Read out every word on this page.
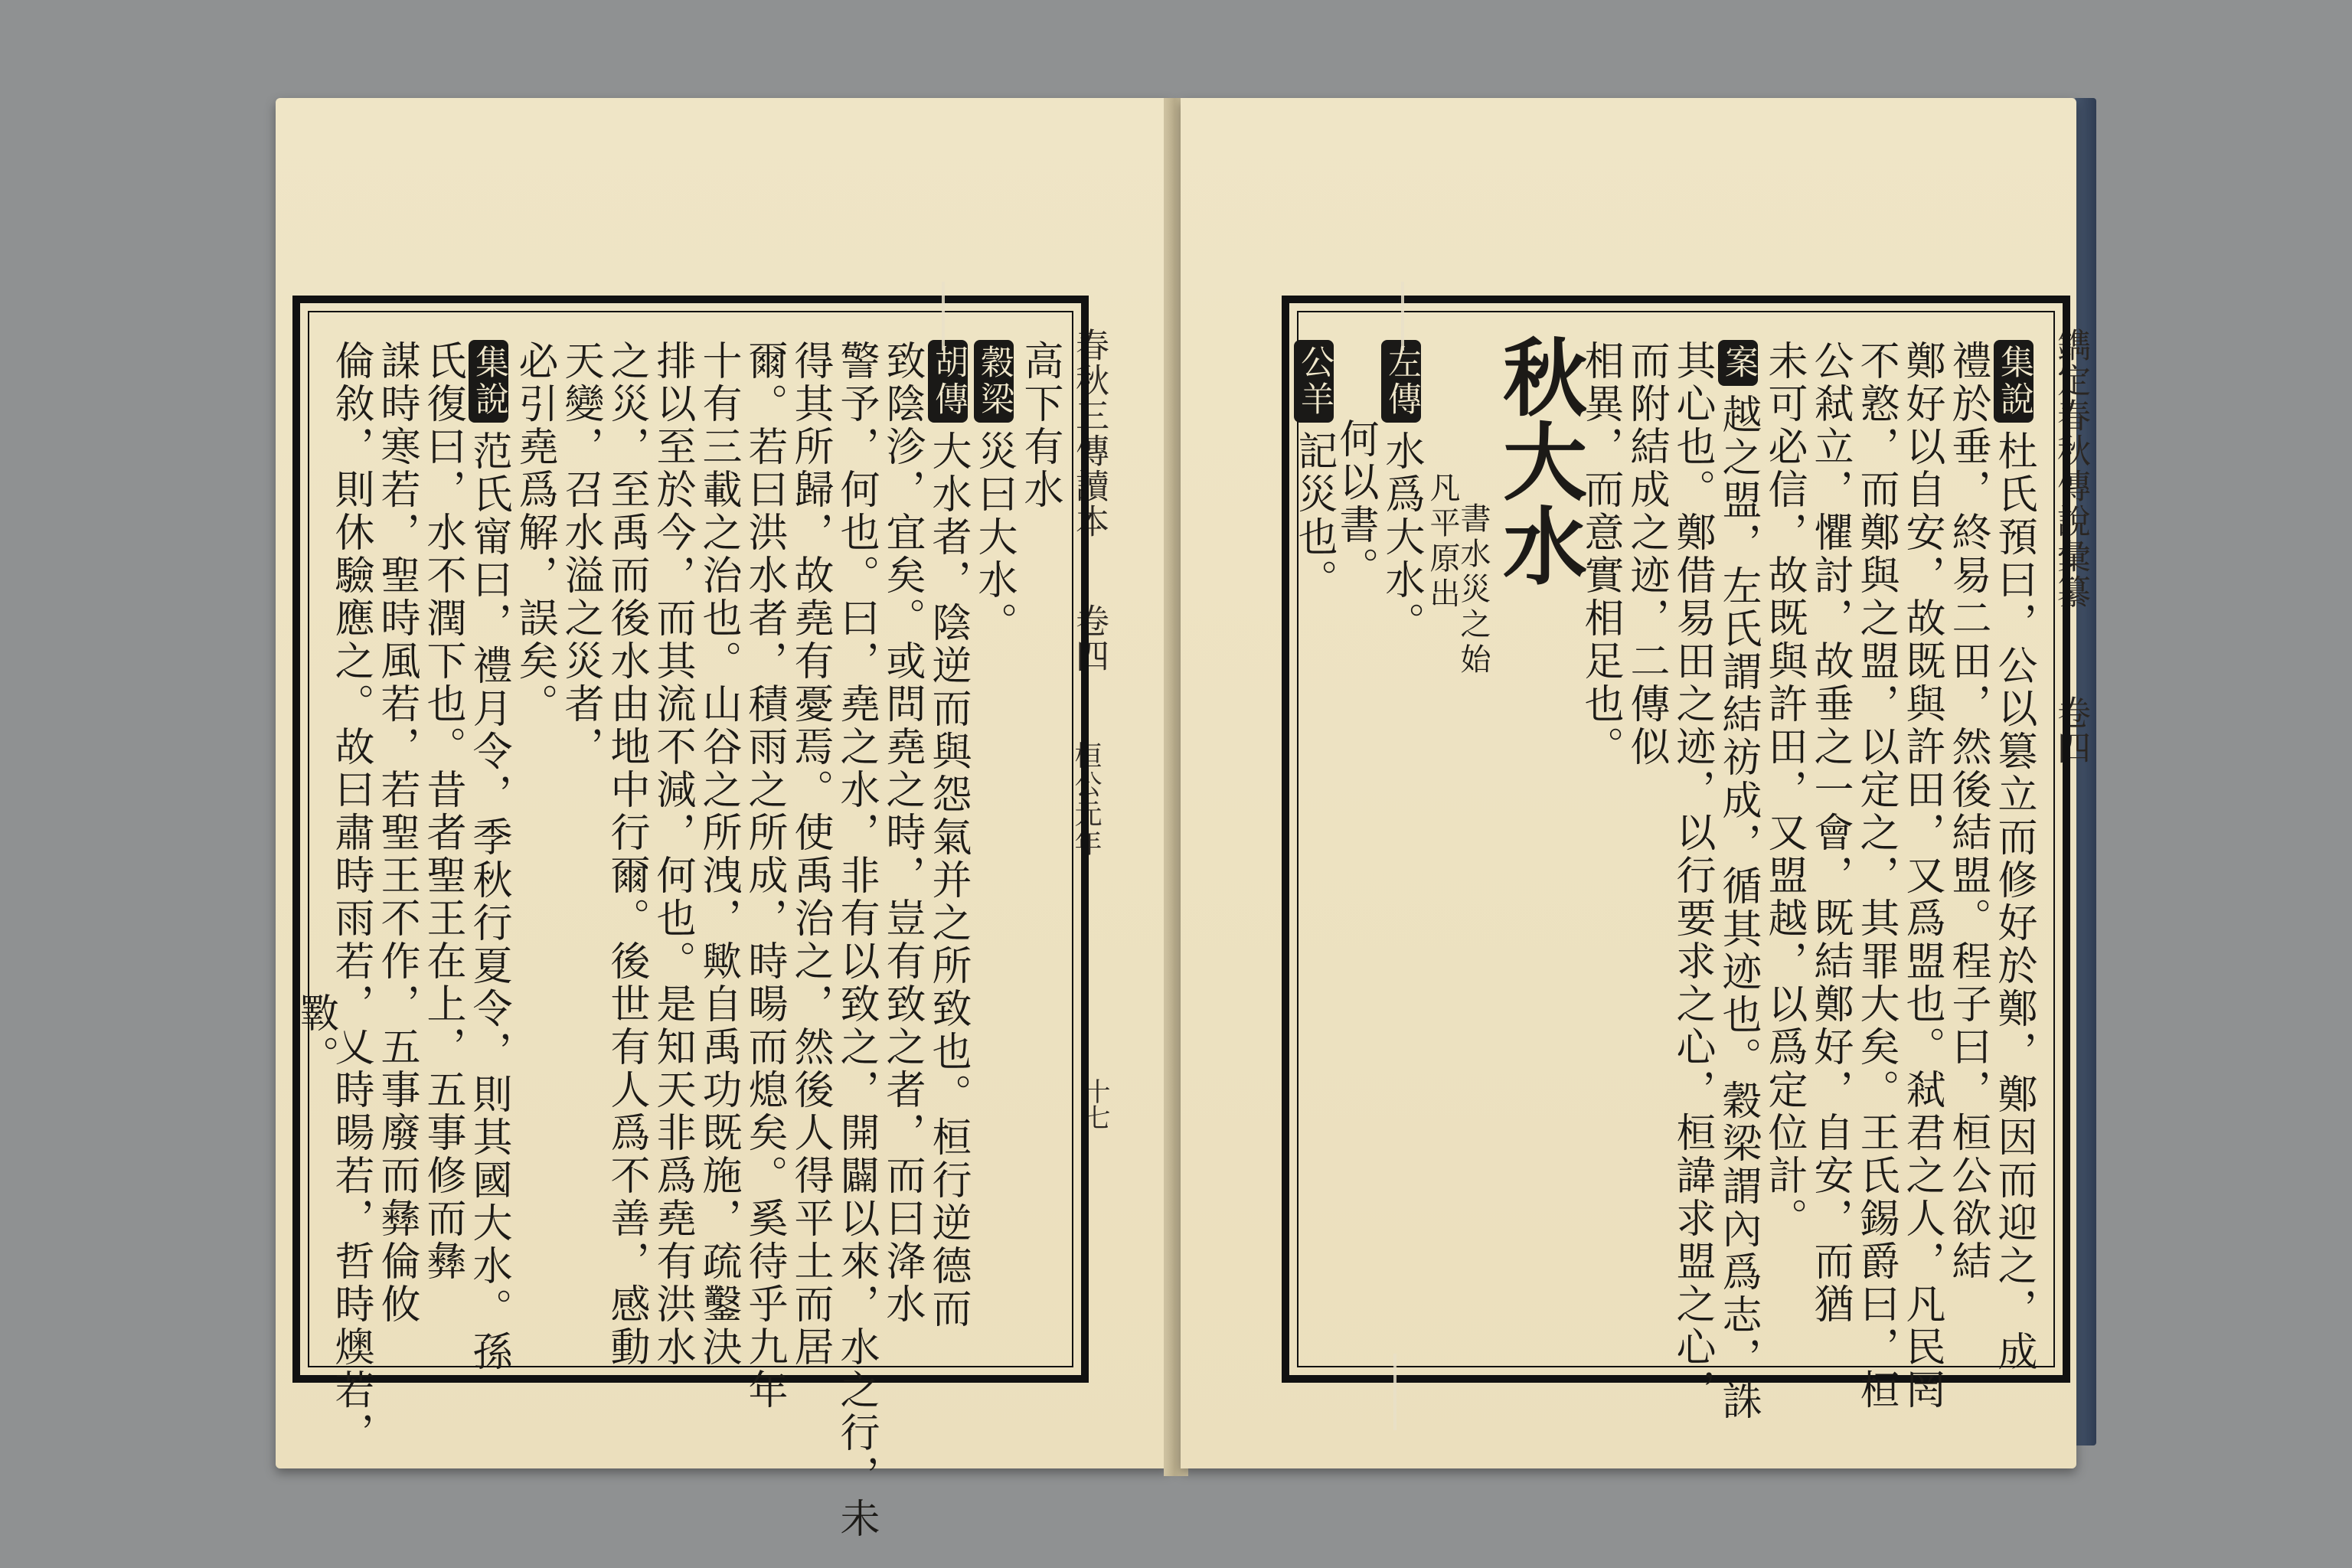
春秋三傳讀本
卷四
桓公元年
十七
高下有水
穀梁災曰大水。
胡傳大水者，陰逆而與怨氣并之所致也。桓行逆德而
致陰沴，宜矣。或問堯之時，豈有致之者，而曰洚水
警予，何也。曰，堯之水，非有以致之，開闢以來，水之行，未
得其所歸，故堯有憂焉。使禹治之，然後人得平土而居
爾。若曰洪水者，積雨之所成，時暘而熄矣。奚待乎九年
十有三載之治也。山谷之所洩，歟自禹功既施，疏鑿決
排以至於今，而其流不減，何也。是知天非爲堯有洪水
之災，至禹而後水由地中行爾。後世有人爲不善，感動
天變，召水溢之災者，
必引堯爲解，誤矣。
集說范氏甯曰，禮月令，季秋行夏令，則其國大水。孫
氏復曰，水不潤下也。昔者聖王在上，五事修而彝
謀時寒若，聖時風若，若聖王不作，五事廢而彝倫攸
倫敘，則休驗應之。故曰肅時雨若，乂時暘若，哲時燠若，
斁。
鐫定春秋傳說彙纂
卷四
集說杜氏預曰，公以篡立而修好於鄭，鄭因而迎之，成
禮於垂，終易二田，然後結盟。程子曰，桓公欲結
鄭好以自安，故既與許田，又爲盟也。弒君之人，凡民罔
不憝，而鄭與之盟，以定之，其罪大矣。王氏錫爵曰，桓
公弒立，懼討，故垂之一會，既結鄭好，自安，而猶
未可必信，故既與許田，又盟越，以爲定位計。
案越之盟，左氏謂結祊成，循其迹也。穀梁謂內爲志，誅
其心也。鄭借易田之迹，以行要求之心，桓諱求盟之心，
而附結成之迹，二傳似
相異，而意實相足也。
秋大水
書水災之始
凡平原出
左傳水爲大水。
何以書。
公羊記災也。
